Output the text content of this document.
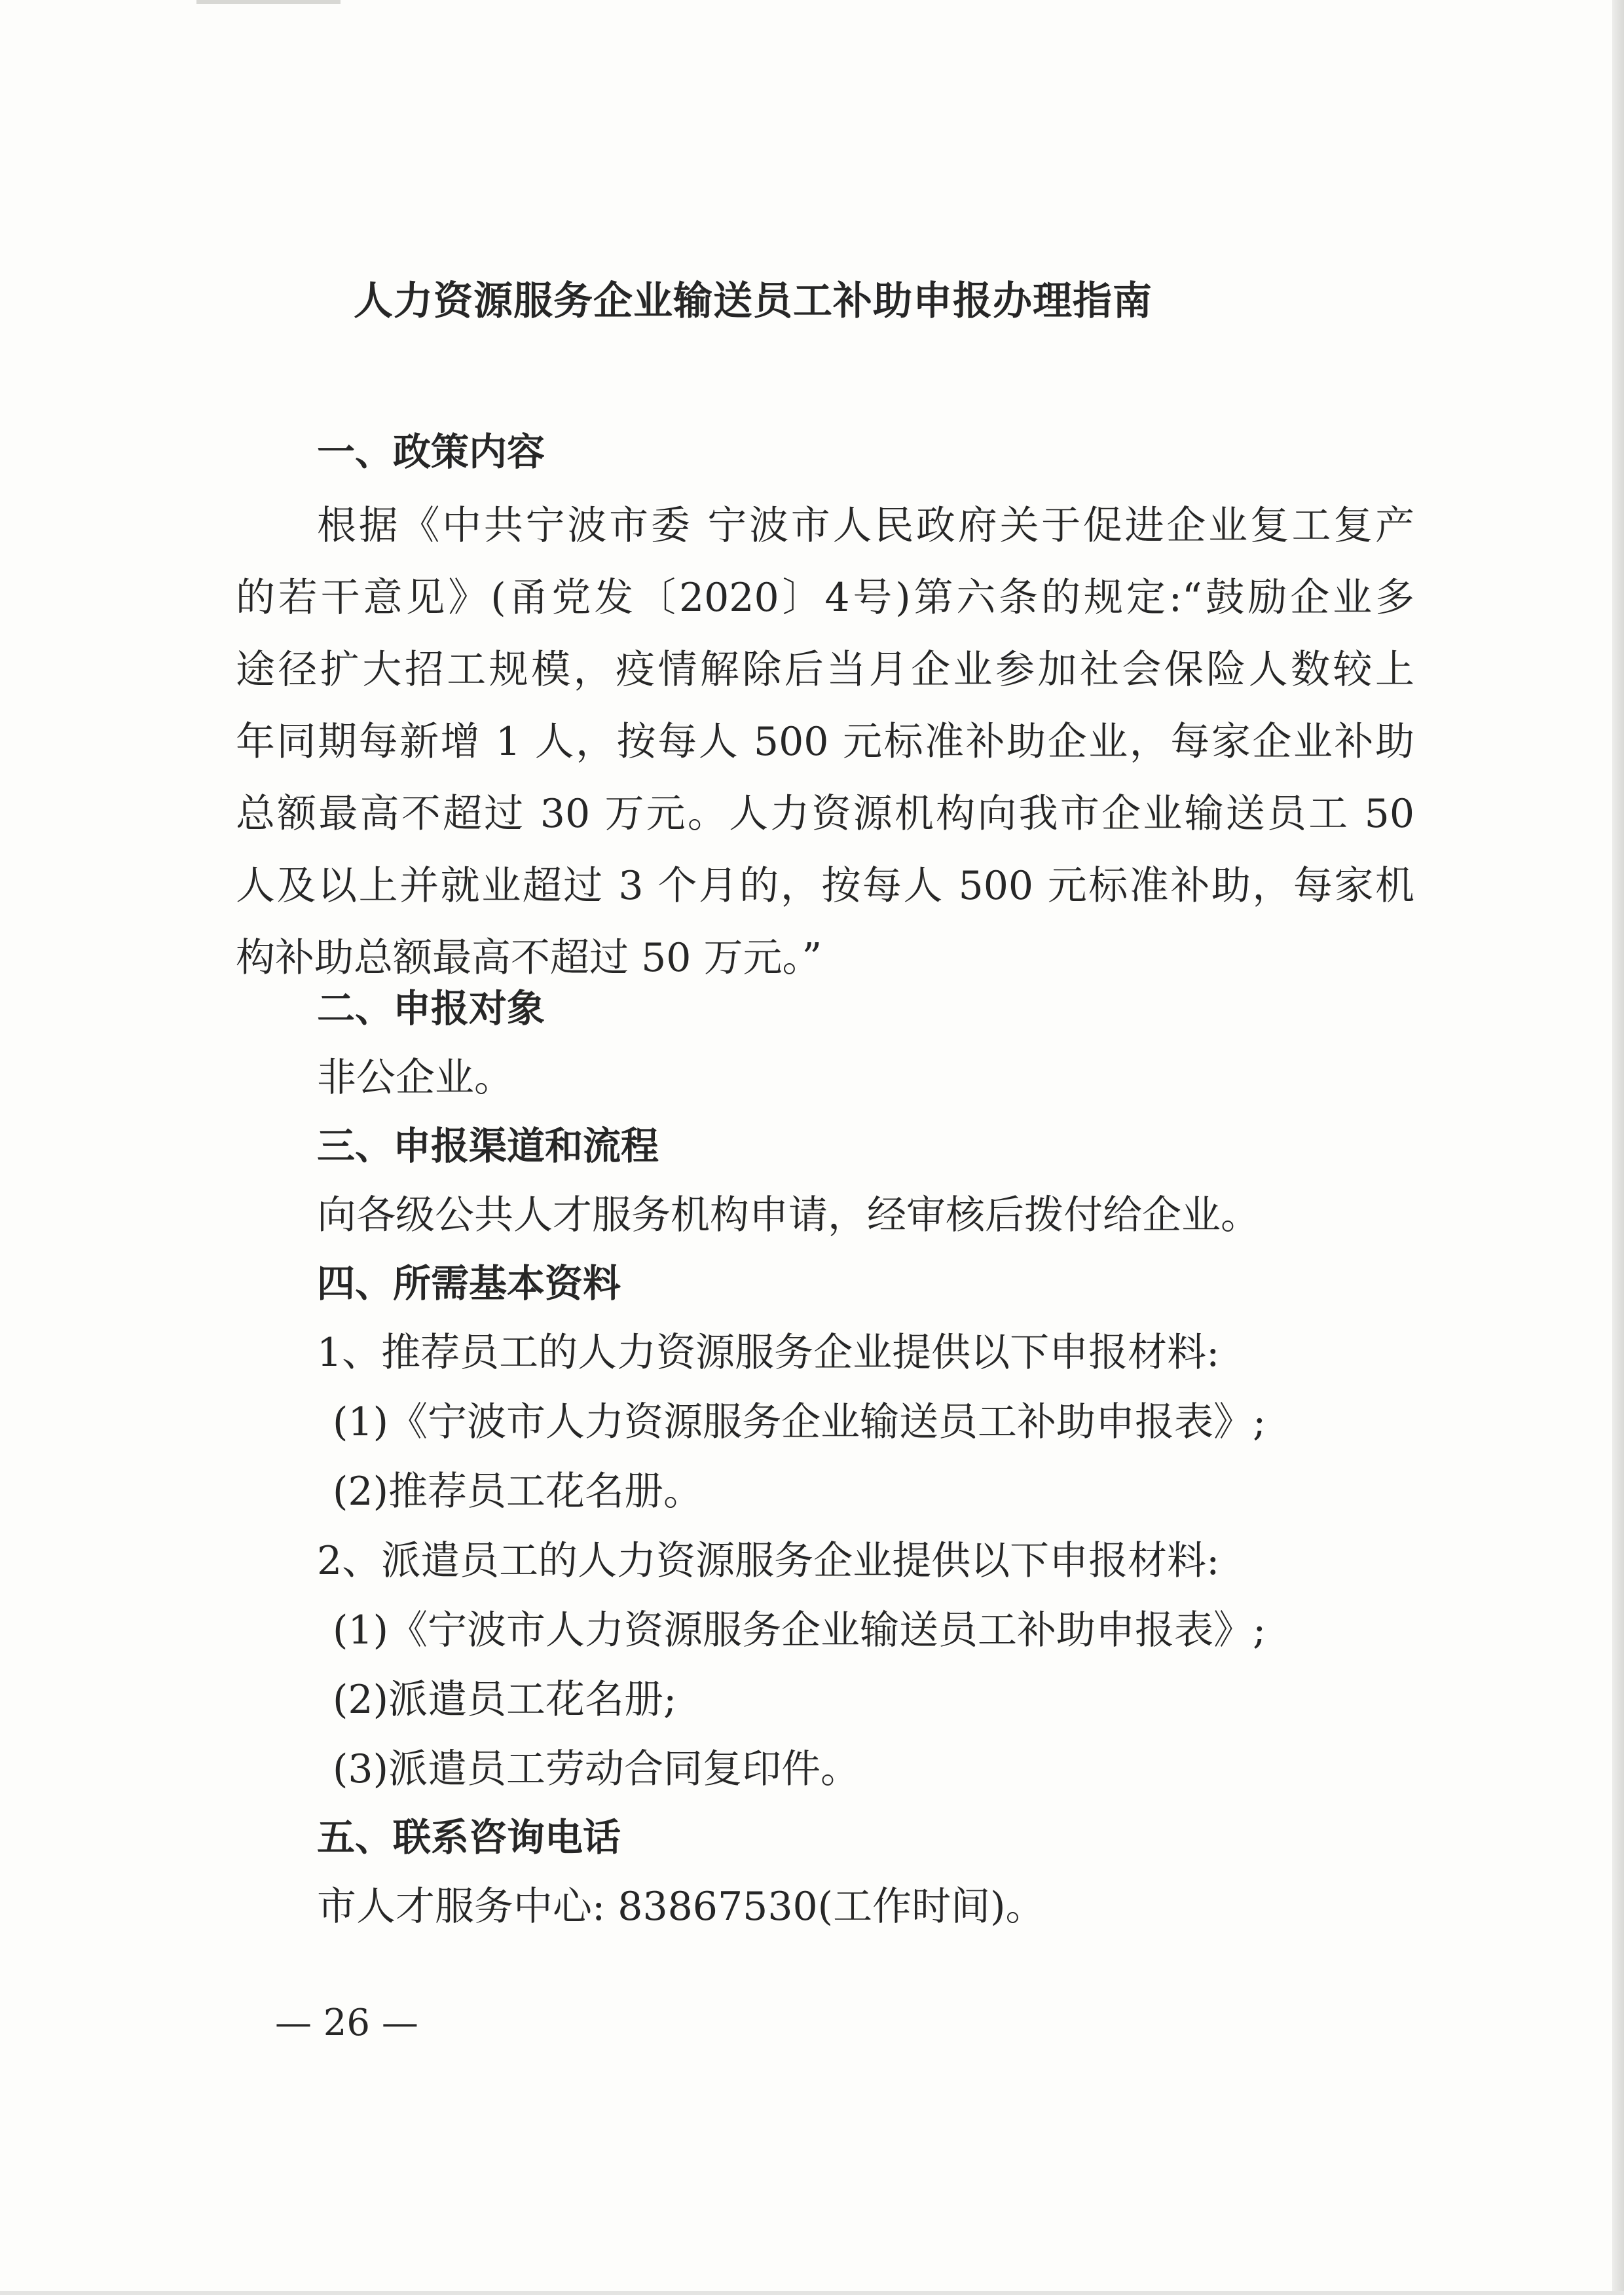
人力资源服务企业输送员工补助申报办理指南
一、政策内容
根据《中共宁波市委 宁波市人民政府关于促进企业复工复产
的若干意见》(甬党发〔2020〕4号)第六条的规定:“鼓励企业多
途径扩大招工规模，疫情解除后当月企业参加社会保险人数较上
年同期每新增 1 人，按每人 500 元标准补助企业，每家企业补助
总额最高不超过 30 万元。人力资源机构向我市企业输送员工 50
人及以上并就业超过 3 个月的，按每人 500 元标准补助，每家机
构补助总额最高不超过 50 万元。”
二、申报对象
非公企业。
三、申报渠道和流程
向各级公共人才服务机构申请，经审核后拨付给企业。
四、所需基本资料
1、推荐员工的人力资源服务企业提供以下申报材料:
(1)《宁波市人力资源服务企业输送员工补助申报表》;
(2)推荐员工花名册。
2、派遣员工的人力资源服务企业提供以下申报材料:
(1)《宁波市人力资源服务企业输送员工补助申报表》;
(2)派遣员工花名册;
(3)派遣员工劳动合同复印件。
五、联系咨询电话
市人才服务中心: 83867530(工作时间)。
— 26 —
